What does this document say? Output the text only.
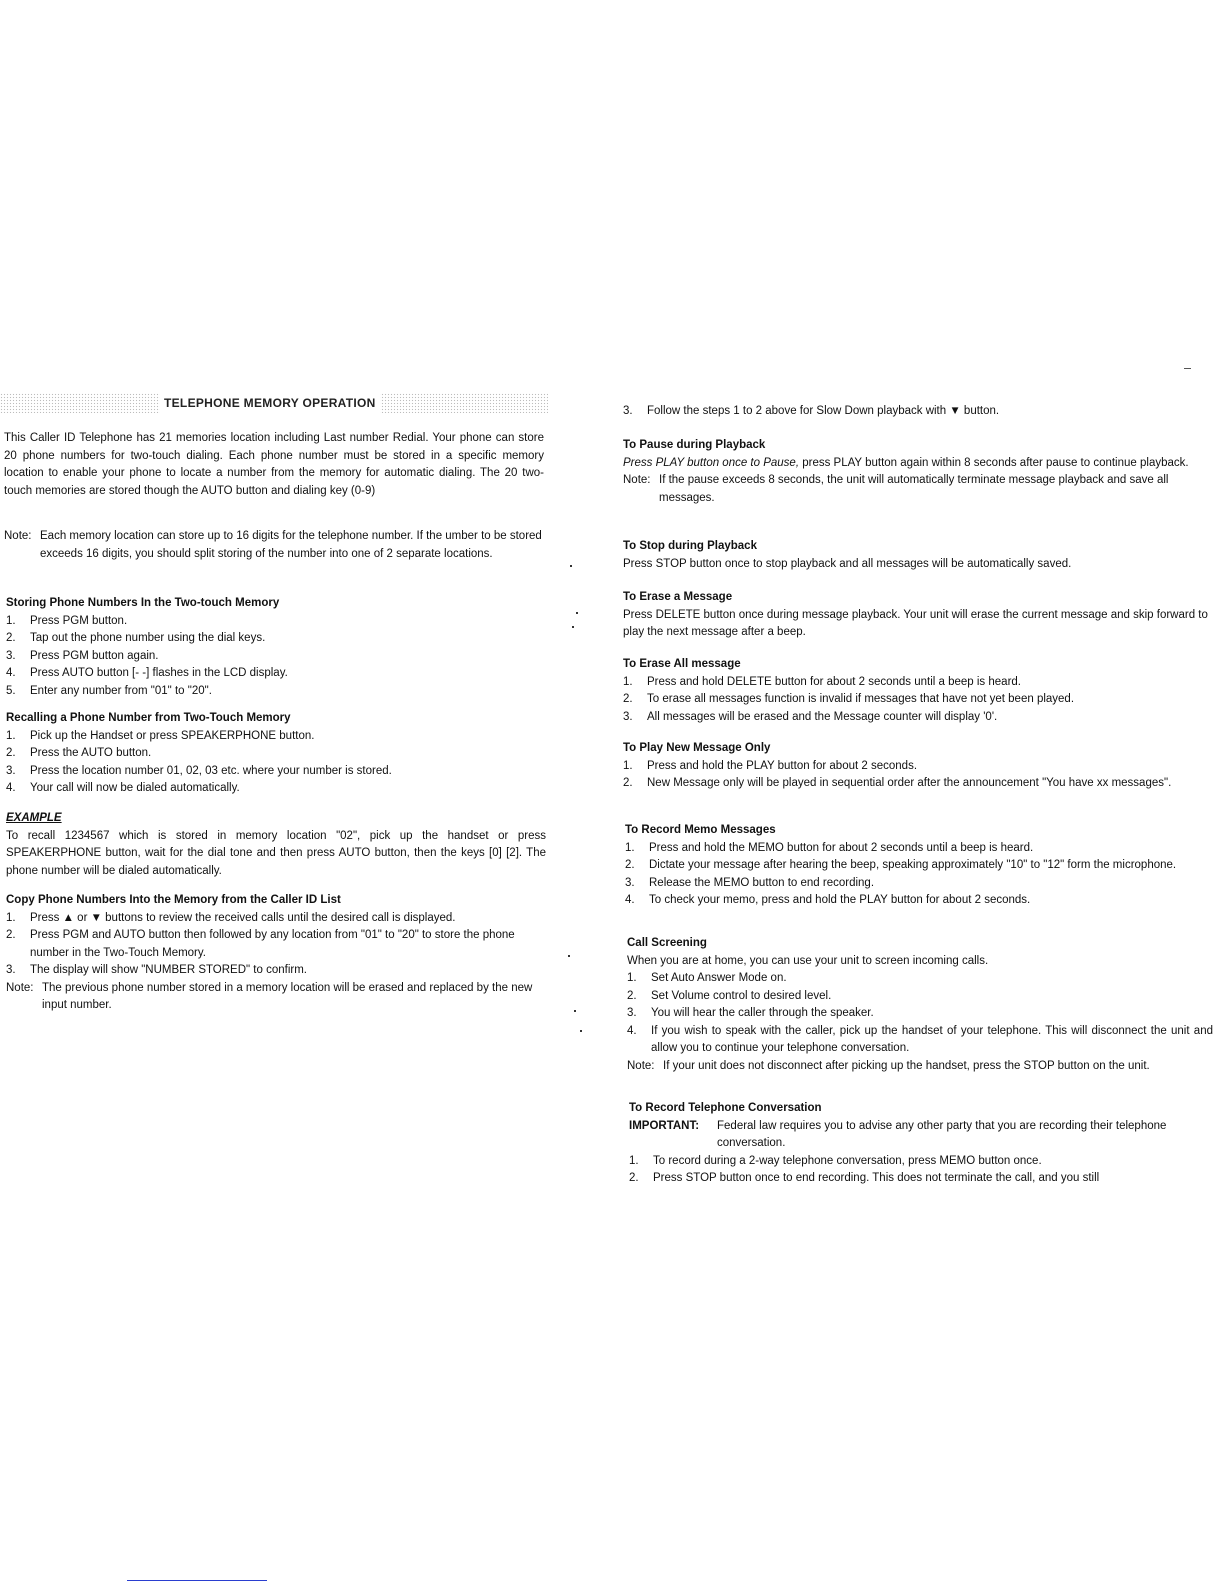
TELEPHONE MEMORY OPERATION

This Caller ID Telephone has 21 memories location including Last number Redial. Your phone can store 20 phone numbers for two-touch dialing. Each phone number must be stored in a specific memory location to enable your phone to locate a number from the memory for automatic dialing. The 20 two-touch memories are stored though the AUTO button and dialing key (0-9)

Note: Each memory location can store up to 16 digits for the telephone number. If the umber to be stored exceeds 16 digits, you should split storing of the number into one of 2 separate locations.
Storing Phone Numbers In the Two-touch Memory
1. Press PGM button.
2. Tap out the phone number using the dial keys.
3. Press PGM button again.
4. Press AUTO button [- -] flashes in the LCD display.
5. Enter any number from "01" to "20".
Recalling a Phone Number from Two-Touch Memory
1. Pick up the Handset or press SPEAKERPHONE button.
2. Press the AUTO button.
3. Press the location number 01, 02, 03 etc. where your number is stored.
4. Your call will now be dialed automatically.
EXAMPLE

To recall 1234567 which is stored in memory location "02", pick up the handset or press SPEAKERPHONE button, wait for the dial tone and then press AUTO button, then the keys [0] [2]. The phone number will be dialed automatically.

Copy Phone Numbers Into the Memory from the Caller ID List
1.	Press ▲ or ▼ buttons to review the received calls until the desired call is displayed.
2.	Press PGM and AUTO button then followed by any location from "01" to "20" to store the phone number in the Two-Touch Memory.
3.	The display will show "NUMBER STORED" to confirm.
Note: The previous phone number stored in a memory location will be erased and replaced by the new input number.
3. Follow the steps 1 to 2 above for Slow Down playback with ▼ button.
To Pause during Playback

Press PLAY button once to Pause, press PLAY button again within 8 seconds after pause to continue playback.

Note: If the pause exceeds 8 seconds, the unit will automatically terminate message playback and save all messages.
To Stop during Playback

Press STOP button once to stop playback and all messages will be automatically saved.

To Erase a Message

Press DELETE button once during message playback. Your unit will erase the current message and skip forward to play the next message after a beep.

To Erase All message
1. Press and hold DELETE button for about 2 seconds until a beep is heard.
2. To erase all messages function is invalid if messages that have not yet been played.
3. All messages will be erased and the Message counter will display '0'.
To Play New Message Only
1. Press and hold the PLAY button for about 2 seconds.
2.	New Message only will be played in sequential order after the announcement "You have xx messages".
To Record Memo Messages
1. Press and hold the MEMO button for about 2 seconds until a beep is heard.
2.	Dictate your message after hearing the beep, speaking approximately "10" to "12" form the microphone.
3. Release the MEMO button to end recording.
4. To check your memo, press and hold the PLAY button for about 2 seconds.
Call Screening

When you are at home, you can use your unit to screen incoming calls.

1. Set Auto Answer Mode on.
2. Set Volume control to desired level.
3. You will hear the caller through the speaker.
4.	If you wish to speak with the caller, pick up the handset of your telephone. This will disconnect the unit and allow you to continue your telephone conversation.
Note: If your unit does not disconnect after picking up the handset, press the STOP button on the unit.
To Record Telephone Conversation
IMPORTANT:	Federal law requires you to advise any other party that you are recording their telephone conversation.
1. To record during a 2-way telephone conversation, press MEMO button once.
2. Press STOP button once to end recording. This does not terminate the call, and you still
